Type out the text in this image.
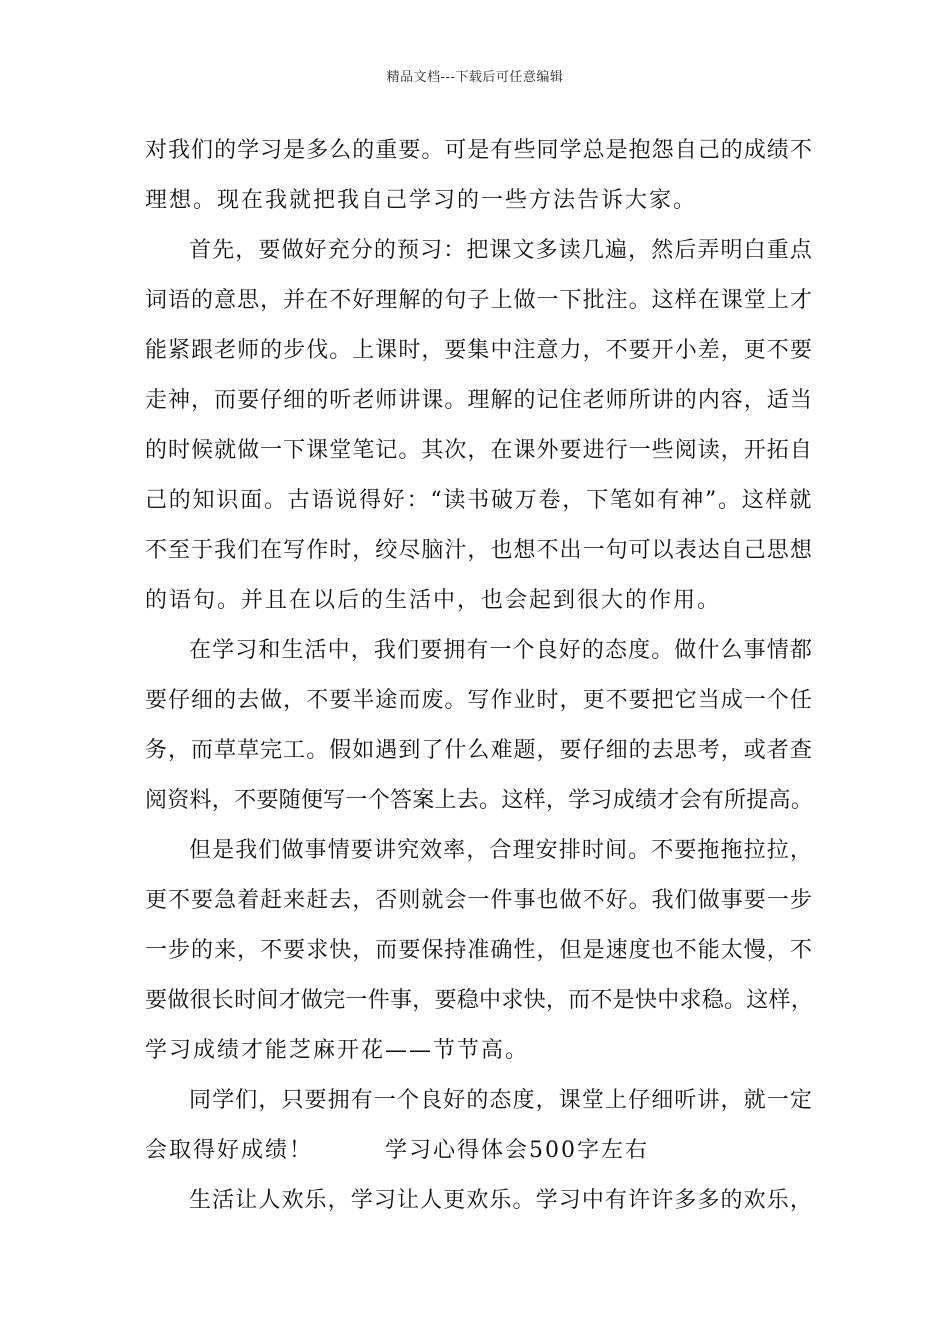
精品文档---下载后可任意编辑
对我们的学习是多么的重要。可是有些同学总是抱怨自己的成绩不
理想。现在我就把我自己学习的一些方法告诉大家。
首先，要做好充分的预习：把课文多读几遍，然后弄明白重点
词语的意思，并在不好理解的句子上做一下批注。这样在课堂上才
能紧跟老师的步伐。上课时，要集中注意力，不要开小差，更不要
走神，而要仔细的听老师讲课。理解的记住老师所讲的内容，适当
的时候就做一下课堂笔记。其次，在课外要进行一些阅读，开拓自
己的知识面。古语说得好：“读书破万卷，下笔如有神”。这样就
不至于我们在写作时，绞尽脑汁，也想不出一句可以表达自己思想
的语句。并且在以后的生活中，也会起到很大的作用。
在学习和生活中，我们要拥有一个良好的态度。做什么事情都
要仔细的去做，不要半途而废。写作业时，更不要把它当成一个任
务，而草草完工。假如遇到了什么难题，要仔细的去思考，或者查
阅资料，不要随便写一个答案上去。这样，学习成绩才会有所提高。
但是我们做事情要讲究效率，合理安排时间。不要拖拖拉拉，
更不要急着赶来赶去，否则就会一件事也做不好。我们做事要一步
一步的来，不要求快，而要保持准确性，但是速度也不能太慢，不
要做很长时间才做完一件事，要稳中求快，而不是快中求稳。这样，
学习成绩才能芝麻开花——节节高。
同学们，只要拥有一个良好的态度，课堂上仔细听讲，就一定
会取得好成绩！　　　学习心得体会500字左右
生活让人欢乐，学习让人更欢乐。学习中有许许多多的欢乐，
